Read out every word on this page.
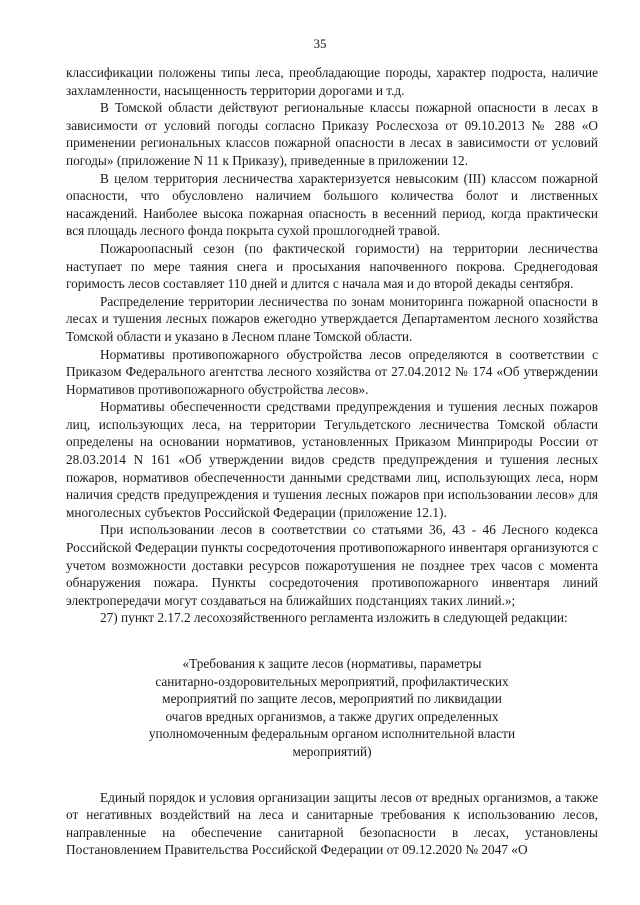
35

классификации положены типы леса, преобладающие породы, характер подроста, наличие захламленности, насыщенность территории дорогами и т.д.

В Томской области действуют региональные классы пожарной опасности в лесах в зависимости от условий погоды согласно Приказу Рослесхоза от 09.10.2013 № 288 «О применении региональных классов пожарной опасности в лесах в зависимости от условий погоды» (приложение N 11 к Приказу), приведенные в приложении 12.

В целом территория лесничества характеризуется невысоким (III) классом пожарной опасности, что обусловлено наличием большого количества болот и лиственных насаждений. Наиболее высока пожарная опасность в весенний период, когда практически вся площадь лесного фонда покрыта сухой прошлогодней травой.

Пожароопасный сезон (по фактической горимости) на территории лесничества наступает по мере таяния снега и просыхания напочвенного покрова. Среднегодовая горимость лесов составляет 110 дней и длится с начала мая и до второй декады сентября.

Распределение территории лесничества по зонам мониторинга пожарной опасности в лесах и тушения лесных пожаров ежегодно утверждается Департаментом лесного хозяйства Томской области и указано в Лесном плане Томской области.

Нормативы противопожарного обустройства лесов определяются в соответствии с Приказом Федерального агентства лесного хозяйства от 27.04.2012 № 174 «Об утверждении Нормативов противопожарного обустройства лесов».

Нормативы обеспеченности средствами предупреждения и тушения лесных пожаров лиц, использующих леса, на территории Тегульдетского лесничества Томской области определены на основании нормативов, установленных Приказом Минприроды России от 28.03.2014 N 161 «Об утверждении видов средств предупреждения и тушения лесных пожаров, нормативов обеспеченности данными средствами лиц, использующих леса, норм наличия средств предупреждения и тушения лесных пожаров при использовании лесов» для многолесных субъектов Российской Федерации (приложение 12.1).

При использовании лесов в соответствии со статьями 36, 43 - 46 Лесного кодекса Российской Федерации пункты сосредоточения противопожарного инвентаря организуются с учетом возможности доставки ресурсов пожаротушения не позднее трех часов с момента обнаружения пожара. Пункты сосредоточения противопожарного инвентаря линий электропередачи могут создаваться на ближайших подстанциях таких линий.»;

27) пункт 2.17.2 лесохозяйственного регламента изложить в следующей редакции:

«Требования к защите лесов (нормативы, параметры
санитарно-оздоровительных мероприятий, профилактических
мероприятий по защите лесов, мероприятий по ликвидации
очагов вредных организмов, а также других определенных
уполномоченным федеральным органом исполнительной власти
мероприятий)

Единый порядок и условия организации защиты лесов от вредных организмов, а также от негативных воздействий на леса и санитарные требования к использованию лесов, направленные на обеспечение санитарной безопасности в лесах, установлены Постановлением Правительства Российской Федерации от 09.12.2020 № 2047 «О
